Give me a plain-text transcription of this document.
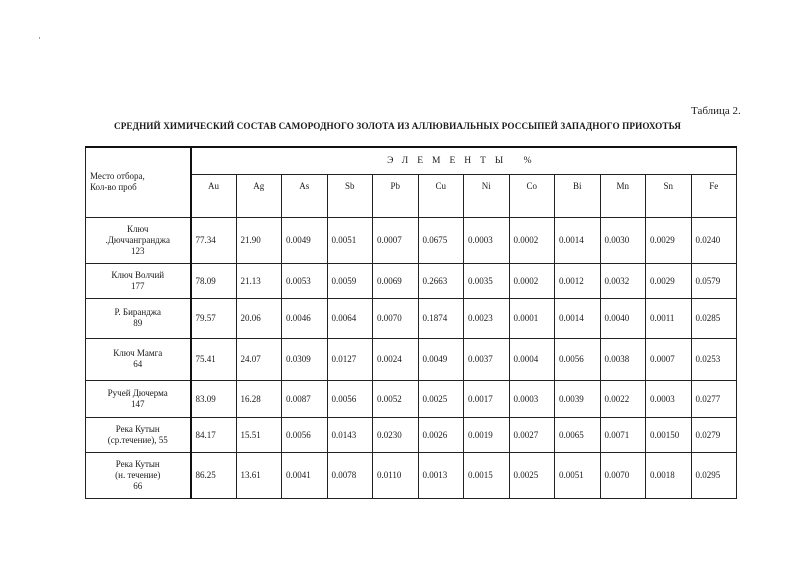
·
Таблица 2.
СРЕДНИЙ ХИМИЧЕСКИЙ СОСТАВ САМОРОДНОГО ЗОЛОТА ИЗ АЛЛЮВИАЛЬНЫХ РОССЫПЕЙ ЗАПАДНОГО ПРИОХОТЬЯ
Место отбора,
Кол-во проб	ЭЛЕМЕНТЫ %											
	Au	Ag	As	Sb	Pb	Cu	Ni	Co	Bi	Mn	Sn	Fe

Ключ
.Дюччангранджа
123	77.34	21.90	0.0049	0.0051	0.0007	0.0675	0.0003	0.0002	0.0014	0.0030	0.0029	0.0240

Ключ Волчий
177	78.09	21.13	0.0053	0.0059	0.0069	0.2663	0.0035	0.0002	0.0012	0.0032	0.0029	0.0579

Р. Биранджа
89	79.57	20.06	0.0046	0.0064	0.0070	0.1874	0.0023	0.0001	0.0014	0.0040	0.0011	0.0285

Ключ Мамга
64	75.41	24.07	0.0309	0.0127	0.0024	0.0049	0.0037	0.0004	0.0056	0.0038	0.0007	0.0253

Ручей Дючерма
147	83.09	16.28	0.0087	0.0056	0.0052	0.0025	0.0017	0.0003	0.0039	0.0022	0.0003	0.0277

Река Кутын
(ср.течение), 55	84.17	15.51	0.0056	0.0143	0.0230	0.0026	0.0019	0.0027	0.0065	0.0071	0.00150	0.0279

Река Кутын
(н. течение)
66	86.25	13.61	0.0041	0.0078	0.0110	0.0013	0.0015	0.0025	0.0051	0.0070	0.0018	0.0295
